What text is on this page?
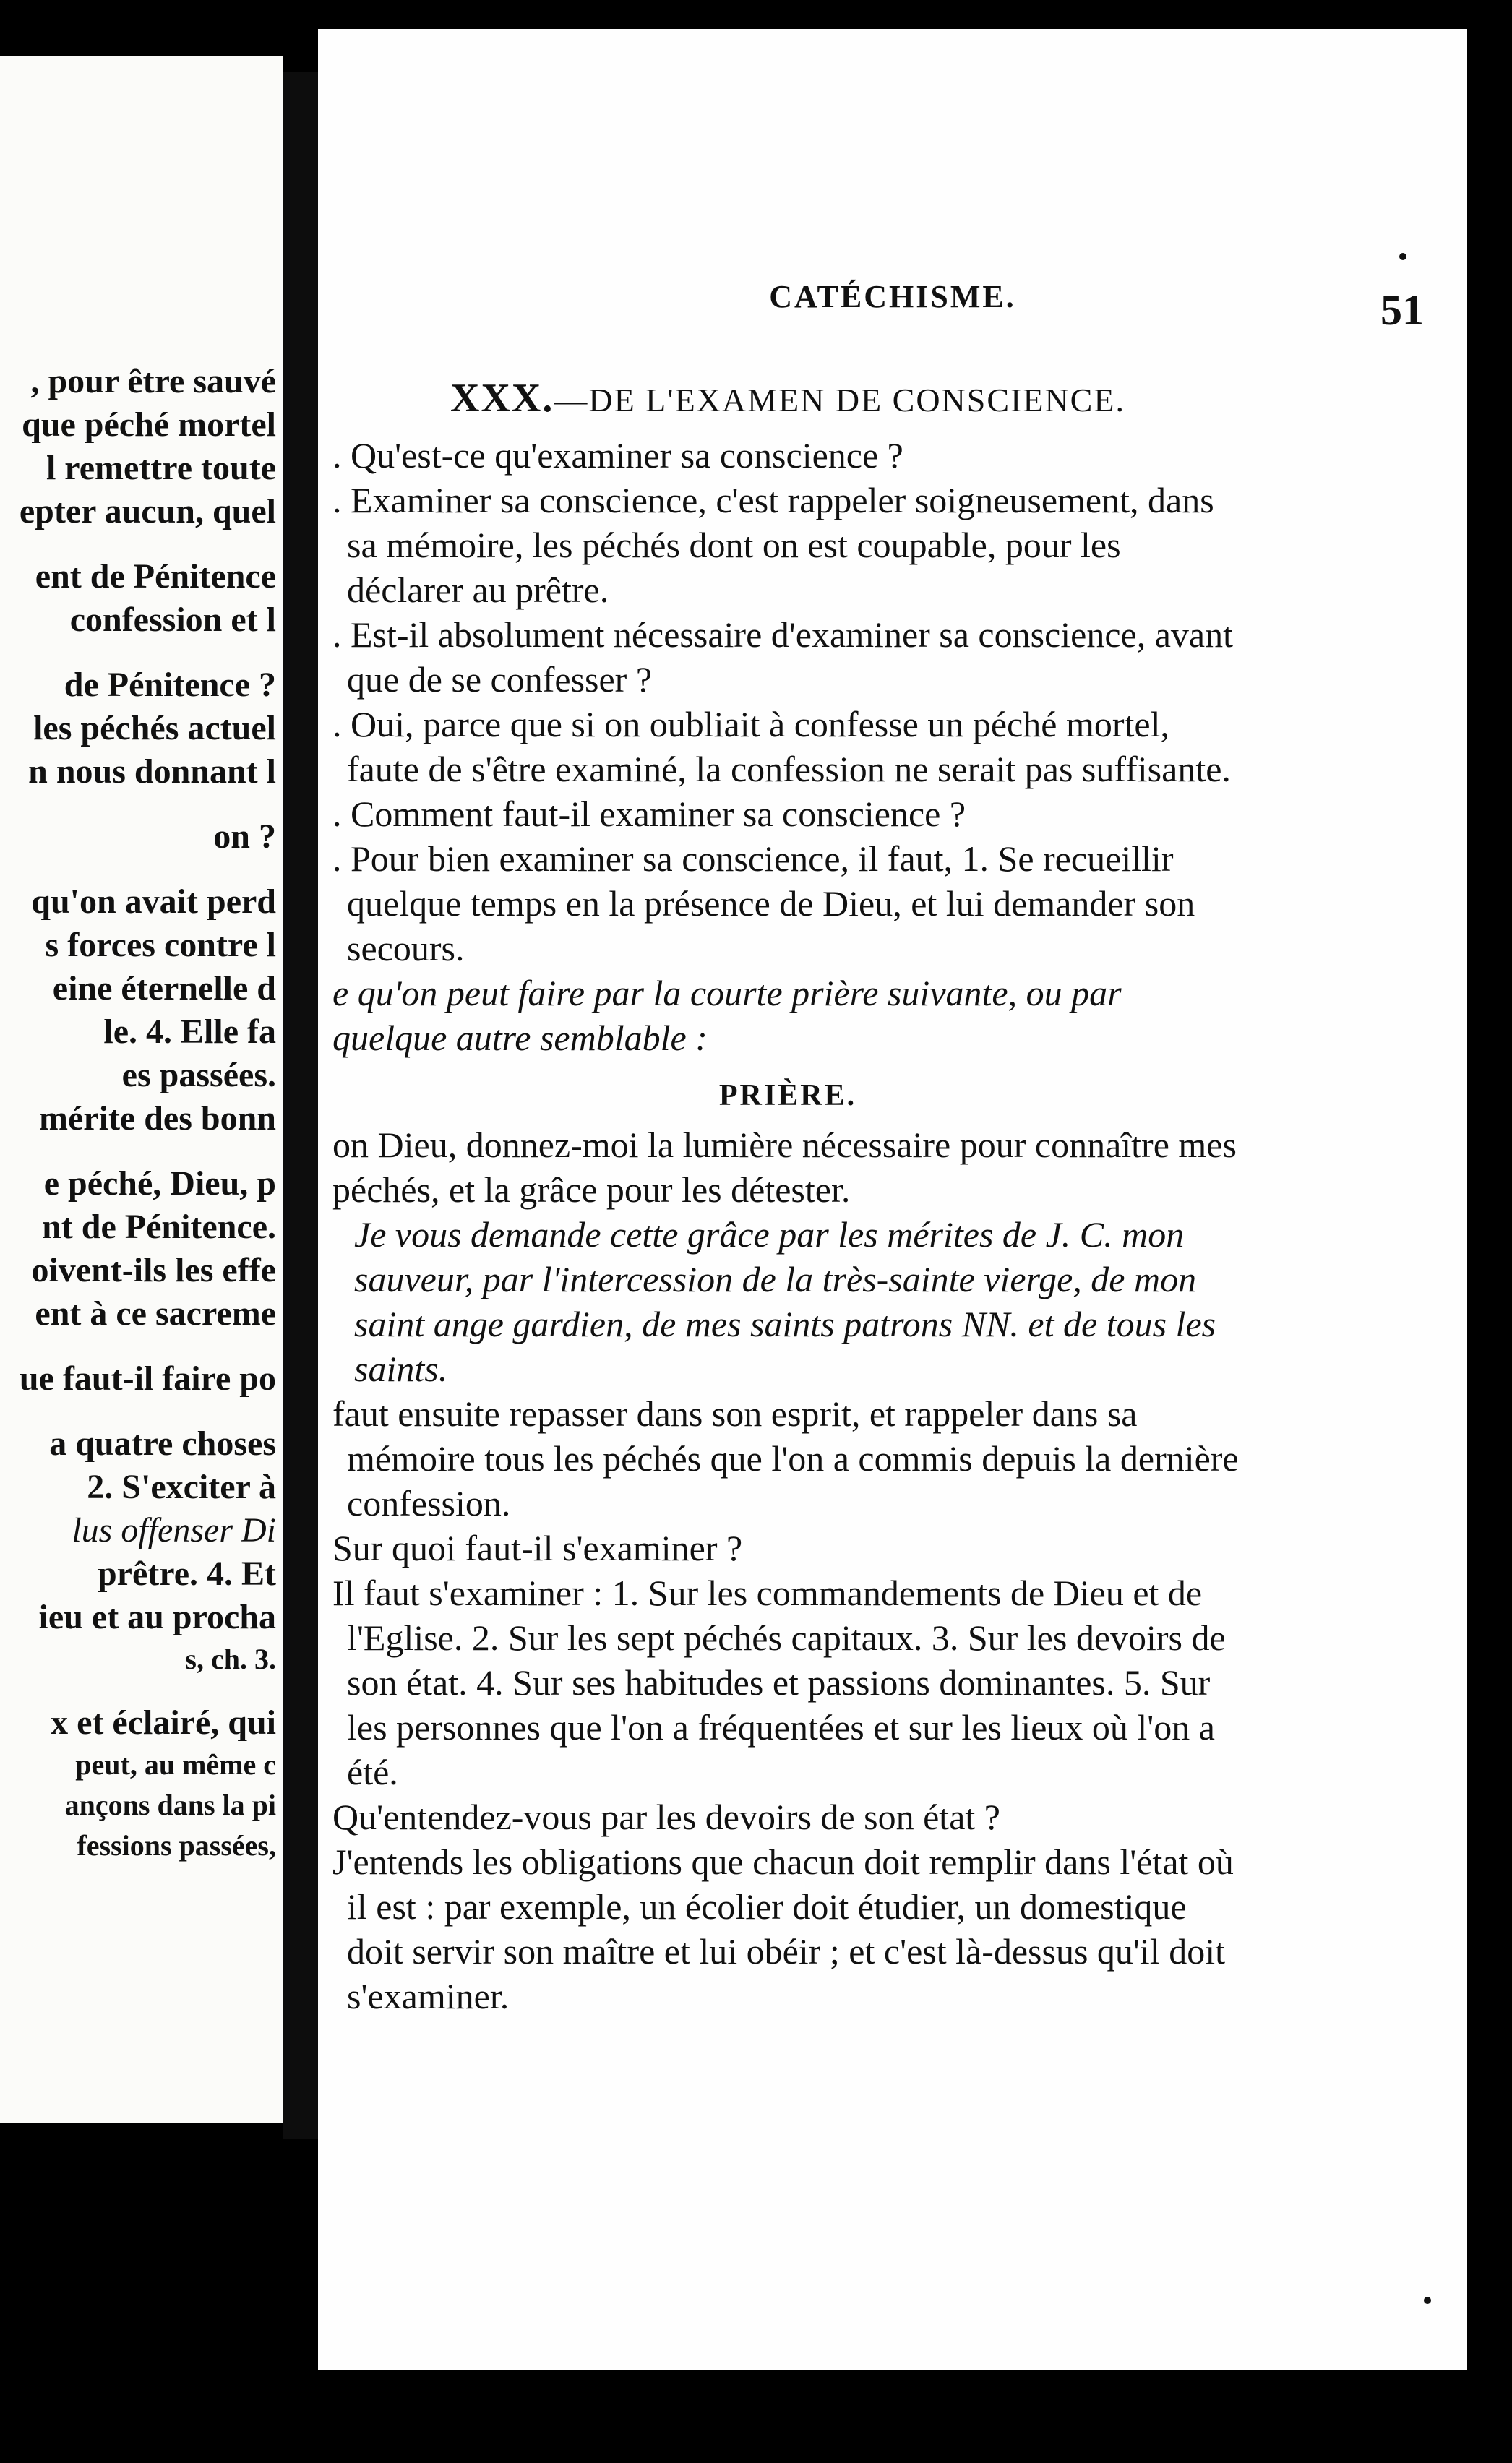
, pour être sauvé
que péché mortel
l remettre toute
epter aucun, quel
ent de Pénitence
confession et l
de Pénitence ?
les péchés actuel
n nous donnant l
on ?
qu'on avait perd
s forces contre l
eine éternelle d
le. 4. Elle fa
es passées.
mérite des bonn
e péché, Dieu, p
nt de Pénitence.
oivent-ils les effe
ent à ce sacreme
ue faut-il faire po
a quatre choses
2. S'exciter à
lus offenser Di
prêtre. 4. Et
ieu et au procha
s, ch. 3.
x et éclairé, qui
peut, au même c
ançons dans la pi
fessions passées,
CATÉCHISME.	51

XXX.—DE L'EXAMEN DE CONSCIENCE.

. Qu'est-ce qu'examiner sa conscience ?

. Examiner sa conscience, c'est rappeler soigneusement, dans sa mémoire, les péchés dont on est coupable, pour les déclarer au prêtre.

. Est-il absolument nécessaire d'examiner sa conscience, avant que de se confesser ?

. Oui, parce que si on oubliait à confesse un péché mortel, faute de s'être examiné, la confession ne serait pas suffisante.

. Comment faut-il examiner sa conscience ?

. Pour bien examiner sa conscience, il faut, 1. Se recueillir quelque temps en la présence de Dieu, et lui demander son secours.

e qu'on peut faire par la courte prière suivante, ou par quelque autre semblable :

PRIÈRE.

on Dieu, donnez-moi la lumière nécessaire pour connaître mes péchés, et la grâce pour les détester.

Je vous demande cette grâce par les mérites de J. C. mon sauveur, par l'intercession de la très-sainte vierge, de mon saint ange gardien, de mes saints patrons NN. et de tous les saints.

faut ensuite repasser dans son esprit, et rappeler dans sa mémoire tous les péchés que l'on a commis depuis la dernière confession.

Sur quoi faut-il s'examiner ?

Il faut s'examiner : 1. Sur les commandements de Dieu et de l'Eglise. 2. Sur les sept péchés capitaux. 3. Sur les devoirs de son état. 4. Sur ses habitudes et passions dominantes. 5. Sur les personnes que l'on a fréquentées et sur les lieux où l'on a été.

Qu'entendez-vous par les devoirs de son état ?

J'entends les obligations que chacun doit remplir dans l'état où il est : par exemple, un écolier doit étudier, un domestique doit servir son maître et lui obéir ; et c'est là-dessus qu'il doit s'examiner.
